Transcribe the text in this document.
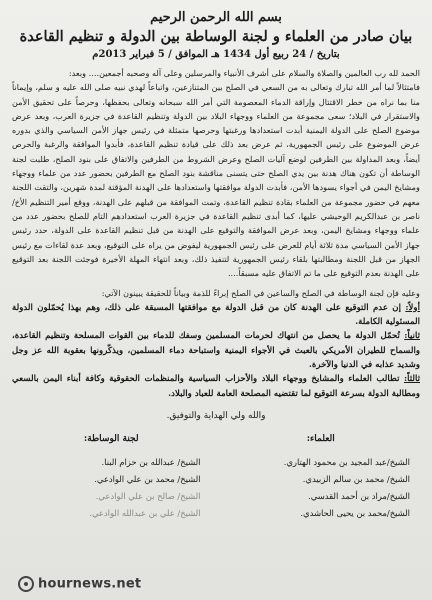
بسم الله الرحمن الرحيم
بيان صادر من العلماء و لجنة الوساطة بين الدولة و تنظيم القاعدة
بتاريخ / 24 ربيع أول 1434 هـ الموافق / 5 فبراير 2013م

الحمد لله رب العالمين والصلاة والسلام على أشرف الأنبياء والمرسلين وعلى آله وصحبه أجمعين.... وبعد:

فامتثالاً لما أمر الله تبارك وتعالى به من السعي في الصلح بين المتنازعين، واتباعاً لهدي نبيه صلى الله عليه و سلم، وإيماناً منا بما نراه من خطر الاقتتال وإراقة الدماء المعصومة التي أمر الله سبحانه وتعالى بحفظها، وحرصاً على تحقيق الأمن والاستقرار في البلاد؛ سعى مجموعة من العلماء ووجهاء البلاد بين الدولة وتنظيم القاعدة في جزيرة العرب، وبعد عرض موضوع الصلح على الدولة اليمنية أبدت استعدادها ورغبتها وحرصها متمثلة في رئيس جهاز الأمن السياسي والذي بدوره عرض الموضوع على رئيس الجمهورية، ثم عرض بعد ذلك على قيادة تنظيم القاعدة، فأبدوا الموافقة والرغبة والحرص أيضاً، وبعد المداولة بين الطرفين لوضع آليات الصلح وعرض الشروط من الطرفين والاتفاق على بنود الصلح، طلبت لجنة الوساطة أن تكون هناك هدنة بين يدي الصلح حتى يتسنى مناقشة بنود الصلح مع الطرفين بحضور عدد من علماء ووجهاء ومشايخ اليمن في أجواء يسودها الأمن، فأبدت الدولة موافقتها واستعدادها على الهدنة المؤقتة لمدة شهرين، والتقت اللجنة معهم في حضور مجموعة من العلماء بقادة تنظيم القاعدة، وتمت الموافقة من قبلهم على الهدنة، ووقع أمير التنظيم الأخ/ ناصر بن عبدالكريم الوحيشي عليها، كما أبدى تنظيم القاعدة في جزيرة العرب استعدادهم التام للصلح بحضور عدد من علماء ووجهاء ومشايخ اليمن، وبعد عرض الموافقة والتوقيع على الهدنة من قبل تنظيم القاعدة على الدولة، حدد رئيس جهاز الأمن السياسي مدة ثلاثة أيام للعرض على رئيس الجمهورية ليفوض من يراه على التوقيع، وبعد عدة لقاءات مع رئيس الجهاز من قبل اللجنة ومطالبتها بلقاء رئيس الجمهورية لتنفيذ ذلك، وبعد انتهاء المهلة الأخيرة فوجئت اللجنة بعد التوقيع على الهدنة بعدم التوقيع على ما تم الاتفاق عليه مسبقاً....

وعليه فإن لجنة الوساطة في الصلح والساعين في الصلح إبراءً للذمة وبياناً للحقيقة يبينون الآتي:

أولاً: إن عدم التوقيع على الهدنة كان من قبل الدولة مع موافقتها المسبقة على ذلك، وهم بهذا يُحمّلون الدولة المسئولية الكاملة.

ثانياً: تُحمّل الدولة ما يحصل من انتهاك لحرمات المسلمين وسفك للدماء بين القوات المسلحة وتنظيم القاعدة، والسماح للطيران الأمريكي بالعبث في الأجواء اليمنية واستباحة دماء المسلمين، ويذكّرونها بعقوبة الله عز وجل وشديد عذابه في الدنيا والآخرة.

ثالثاً: تطالب العلماء والمشايخ ووجهاء البلاد والأحزاب السياسية والمنظمات الحقوقية وكافة أبناء اليمن بالسعي ومطالبة الدولة بسرعة التوقيع لما تقتضيه المصلحة العامة للعباد والبلاد.

والله ولي الهداية والتوفيق.
العلماء:
الشيخ/عبد المجيد بن محمود الهتاري.
الشيخ/ محمد بن سالم الزبيدي.
الشيخ/مراد بن أحمد القدسي.
الشيخ/محمد بن يحيى الحاشدي.
لجنة الوساطة:
الشيخ/ عبدالله بن حزام البنا.
الشيخ/ محمد بن علي الوادعي.
الشيخ/ صالح بن علي الوادعي.
الشيخ/ علي بن عبدالله الوادعي.
hournews.net
